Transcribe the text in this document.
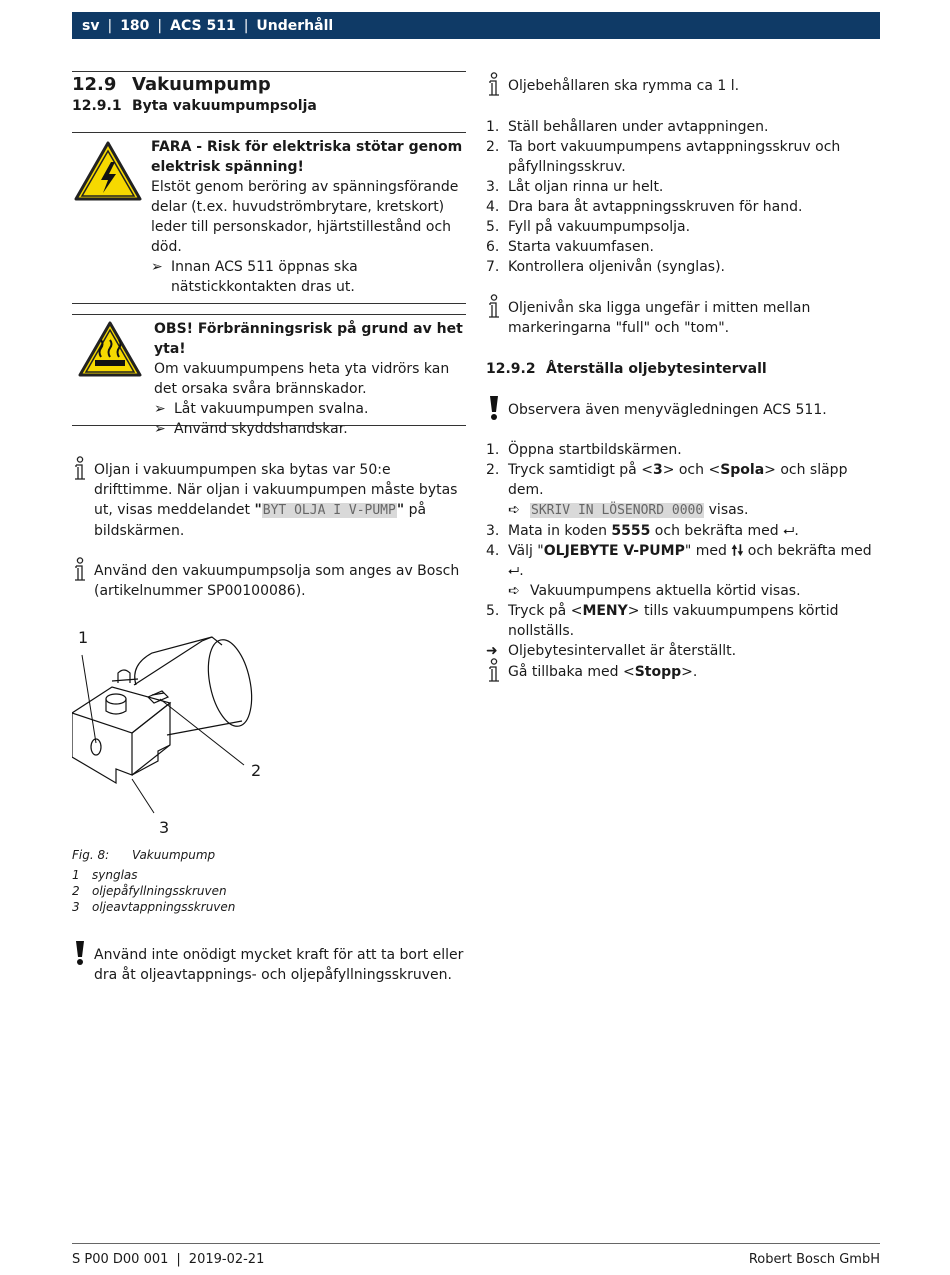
sv | 180 | ACS 511 | Underhåll
12.9 Vakuumpump
12.9.1 Byta vakuumpumpsolja

FARA - Risk för elektriska stötar genom elektrisk spänning!

Elstöt genom beröring av spänningsförande delar (t.ex. huvudströmbrytare, kretskort) leder till personskador, hjärtstillestånd och död.

➢ Innan ACS 511 öppnas ska nätstickkontakten dras ut.

OBS! Förbränningsrisk på grund av het yta!

Om vakuumpumpens heta yta vidrörs kan det orsaka svåra brännskador.

➢ Låt vakuumpumpen svalna.
➢ Använd skyddshandskar.
Oljan i vakuumpumpen ska bytas var 50:e drifttimme. När oljan i vakuumpumpen måste bytas ut, visas meddelandet "BYT OLJA I V-PUMP" på bildskärmen.
Använd den vakuumpumpsolja som anges av Bosch (artikelnummer SP00100086).
1
2
3
Fig. 8: Vakuumpump
1 synglas
2 oljepåfyllningsskruven
3 oljeavtappningsskruven
Använd inte onödigt mycket kraft för att ta bort eller dra åt oljeavtappnings- och oljepåfyllningsskruven.
Oljebehållaren ska rymma ca 1 l.
1. Ställ behållaren under avtappningen.
2. Ta bort vakuumpumpens avtappningsskruv och påfyllningsskruv.
3. Låt oljan rinna ur helt.
4. Dra bara åt avtappningsskruven för hand.
5. Fyll på vakuumpumpsolja.
6. Starta vakuumfasen.
7. Kontrollera oljenivån (synglas).
Oljenivån ska ligga ungefär i mitten mellan markeringarna "full" och "tom".
12.9.2 Återställa oljebytesintervall
Observera även menyvägledningen ACS 511.
1. Öppna startbildskärmen.
2. Tryck samtidigt på <3> och <Spola> och släpp dem.
➪ SKRIV IN LÖSENORD 0000 visas.
3. Mata in koden 5555 och bekräfta med ⮠.
4. Välj "OLJEBYTE V-PUMP" med 🠕🠗 och bekräfta med ⮠.
➪ Vakuumpumpens aktuella körtid visas.
5. Tryck på <MENY> tills vakuumpumpens körtid nollställs.
➜ Oljebytesintervallet är återställt.
Gå tillbaka med <Stopp>.
S P00 D00 001 | 2019-02-21	Robert Bosch GmbH
